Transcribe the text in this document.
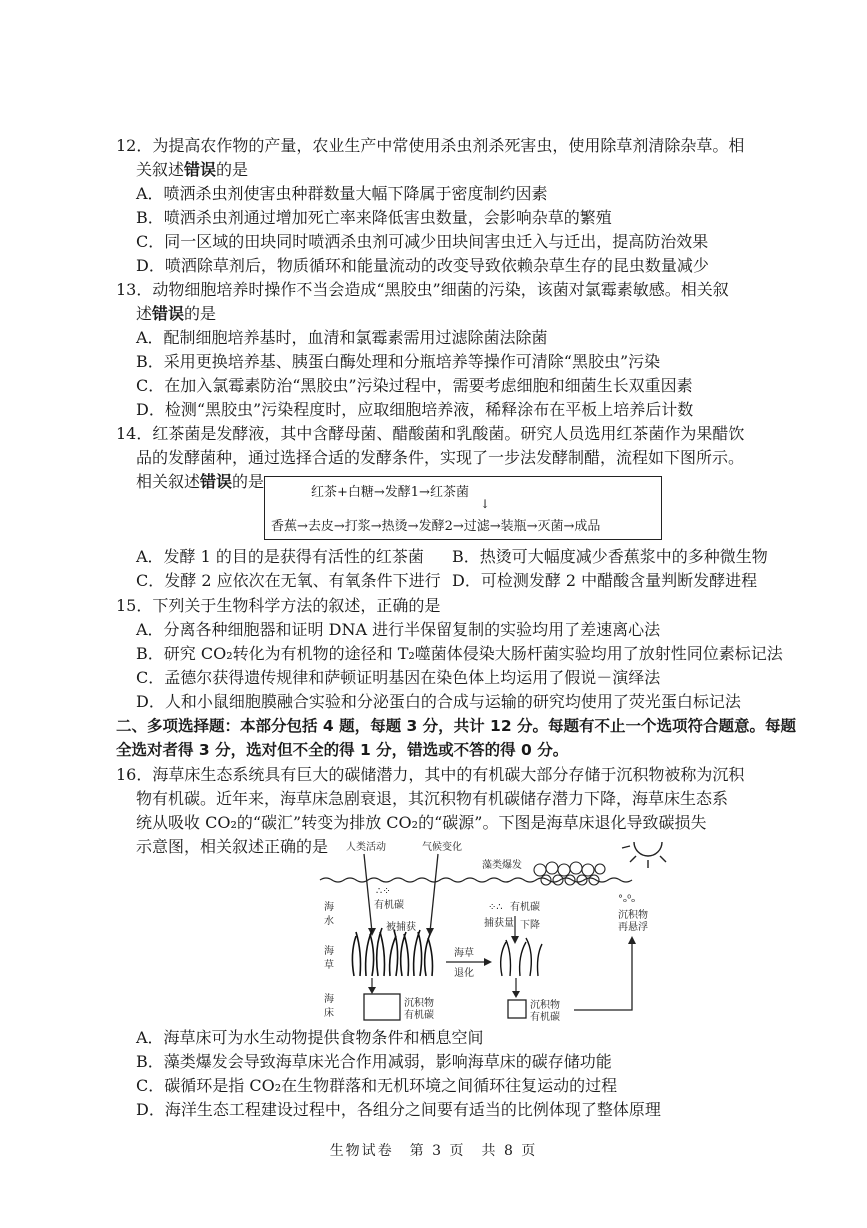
12．为提高农作物的产量，农业生产中常使用杀虫剂杀死害虫，使用除草剂清除杂草。相
关叙述错误的是
A．喷洒杀虫剂使害虫种群数量大幅下降属于密度制约因素
B．喷洒杀虫剂通过增加死亡率来降低害虫数量，会影响杂草的繁殖
C．同一区域的田块同时喷洒杀虫剂可减少田块间害虫迁入与迁出，提高防治效果
D．喷洒除草剂后，物质循环和能量流动的改变导致依赖杂草生存的昆虫数量减少
13．动物细胞培养时操作不当会造成“黑胶虫”细菌的污染，该菌对氯霉素敏感。相关叙
述错误的是
A．配制细胞培养基时，血清和氯霉素需用过滤除菌法除菌
B．采用更换培养基、胰蛋白酶处理和分瓶培养等操作可清除“黑胶虫”污染
C．在加入氯霉素防治“黑胶虫”污染过程中，需要考虑细胞和细菌生长双重因素
D．检测“黑胶虫”污染程度时，应取细胞培养液，稀释涂布在平板上培养后计数
14．红茶菌是发酵液，其中含酵母菌、醋酸菌和乳酸菌。研究人员选用红茶菌作为果醋饮
品的发酵菌种，通过选择合适的发酵条件，实现了一步法发酵制醋，流程如下图所示。
相关叙述错误的是
红茶+白糖→发酵1→红茶菌
↓
香蕉→去皮→打浆→热烫→发酵2→过滤→装瓶→灭菌→成品
A．发酵 1 的目的是获得有活性的红茶菌 B．热烫可大幅度减少香蕉浆中的多种微生物
C．发酵 2 应依次在无氧、有氧条件下进行 D．可检测发酵 2 中醋酸含量判断发酵进程
15．下列关于生物科学方法的叙述，正确的是
A．分离各种细胞器和证明 DNA 进行半保留复制的实验均用了差速离心法
B．研究 CO₂转化为有机物的途径和 T₂噬菌体侵染大肠杆菌实验均用了放射性同位素标记法
C．孟德尔获得遗传规律和萨顿证明基因在染色体上均运用了假说－演绎法
D．人和小鼠细胞膜融合实验和分泌蛋白的合成与运输的研究均使用了荧光蛋白标记法
二、多项选择题：本部分包括 4 题，每题 3 分，共计 12 分。每题有不止一个选项符合题意。每题
全选对者得 3 分，选对但不全的得 1 分，错选或不答的得 0 分。
16．海草床生态系统具有巨大的碳储潜力，其中的有机碳大部分存储于沉积物被称为沉积
物有机碳。近年来，海草床急剧衰退，其沉积物有机碳储存潜力下降，海草床生态系
统从吸收 CO₂的“碳汇”转变为排放 CO₂的“碳源”。下图是海草床退化导致碳损失
示意图，相关叙述正确的是 人类活动	气候变化
藻类爆发
海
水
海
草
海
床
∴⁘
有机碳
被捕获
海草
退化
⁘∴ 有机碳
捕获量 下降
沉积物
有机碳
沉积物
有机碳
°ₒ⁰ₒ
沉积物
再悬浮
A．海草床可为水生动物提供食物条件和栖息空间
B．藻类爆发会导致海草床光合作用减弱，影响海草床的碳存储功能
C．碳循环是指 CO₂在生物群落和无机环境之间循环往复运动的过程
D．海洋生态工程建设过程中，各组分之间要有适当的比例体现了整体原理
生物试卷　第 3 页　共 8 页
